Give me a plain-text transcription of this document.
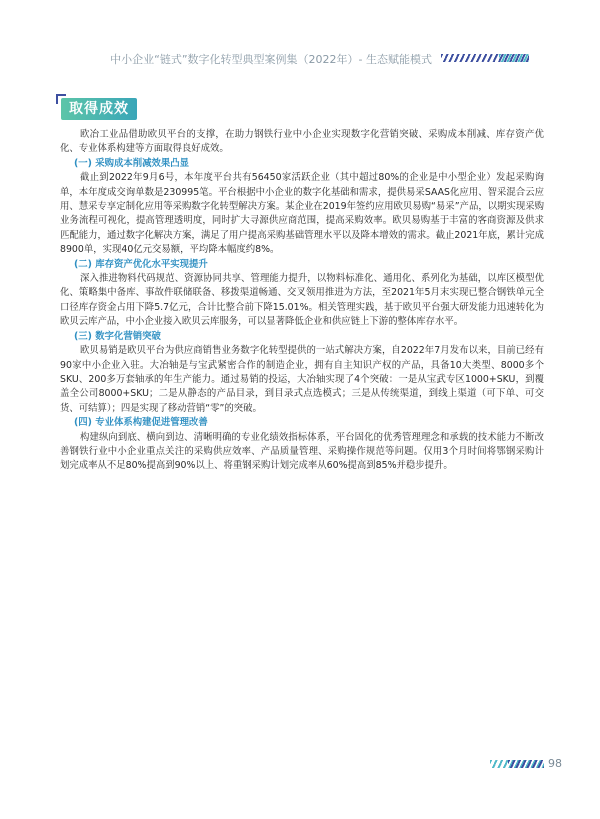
中小企业“链式”数字化转型典型案例集（2022年）- 生态赋能模式
取得成效

欧冶工业品借助欧贝平台的支撑，在助力钢铁行业中小企业实现数字化营销突破、采购成本削减、库存资产优化、专业体系构建等方面取得良好成效。

(一) 采购成本削减效果凸显

截止到2022年9月6号，本年度平台共有56450家活跃企业（其中超过80%的企业是中小型企业）发起采购询单，本年度成交询单数是230995笔。平台根据中小企业的数字化基础和需求，提供易采SAAS化应用、智采混合云应用、慧采专享定制化应用等采购数字化转型解决方案。某企业在2019年签约应用欧贝易购“易采”产品，以期实现采购业务流程可视化，提高管理透明度，同时扩大寻源供应商范围，提高采购效率。欧贝易购基于丰富的客商资源及供求匹配能力，通过数字化解决方案，满足了用户提高采购基础管理水平以及降本增效的需求。截止2021年底，累计完成8900单，实现40亿元交易额，平均降本幅度约8%。

(二) 库存资产优化水平实现提升

深入推进物料代码规范、资源协同共享、管理能力提升，以物料标准化、通用化、系列化为基础，以库区模型优化、策略集中备库、事故件联储联备、移拨渠道畅通、交叉领用推进为方法，至2021年5月末实现已整合钢铁单元全口径库存资金占用下降5.7亿元，合计比整合前下降15.01%。相关管理实践，基于欧贝平台强大研发能力迅速转化为欧贝云库产品，中小企业接入欧贝云库服务，可以显著降低企业和供应链上下游的整体库存水平。

(三) 数字化营销突破

欧贝易销是欧贝平台为供应商销售业务数字化转型提供的一站式解决方案，自2022年7月发布以来，目前已经有90家中小企业入驻。大冶轴是与宝武紧密合作的制造企业，拥有自主知识产权的产品，具备10大类型、8000多个SKU、200多万套轴承的年生产能力。通过易销的投运，大冶轴实现了4个突破：一是从宝武专区1000+SKU，到覆盖全公司8000+SKU；二是从静态的产品目录，到目录式点选模式；三是从传统渠道，到线上渠道（可下单、可交货、可结算）；四是实现了移动营销“零”的突破。

(四) 专业体系构建促进管理改善

构建纵向到底、横向到边、清晰明确的专业化绩效指标体系，平台固化的优秀管理理念和承载的技术能力不断改善钢铁行业中小企业重点关注的采购供应效率、产品质量管理、采购操作规范等问题。仅用3个月时间将鄂钢采购计划完成率从不足80%提高到90%以上、将重钢采购计划完成率从60%提高到85%并稳步提升。

98
